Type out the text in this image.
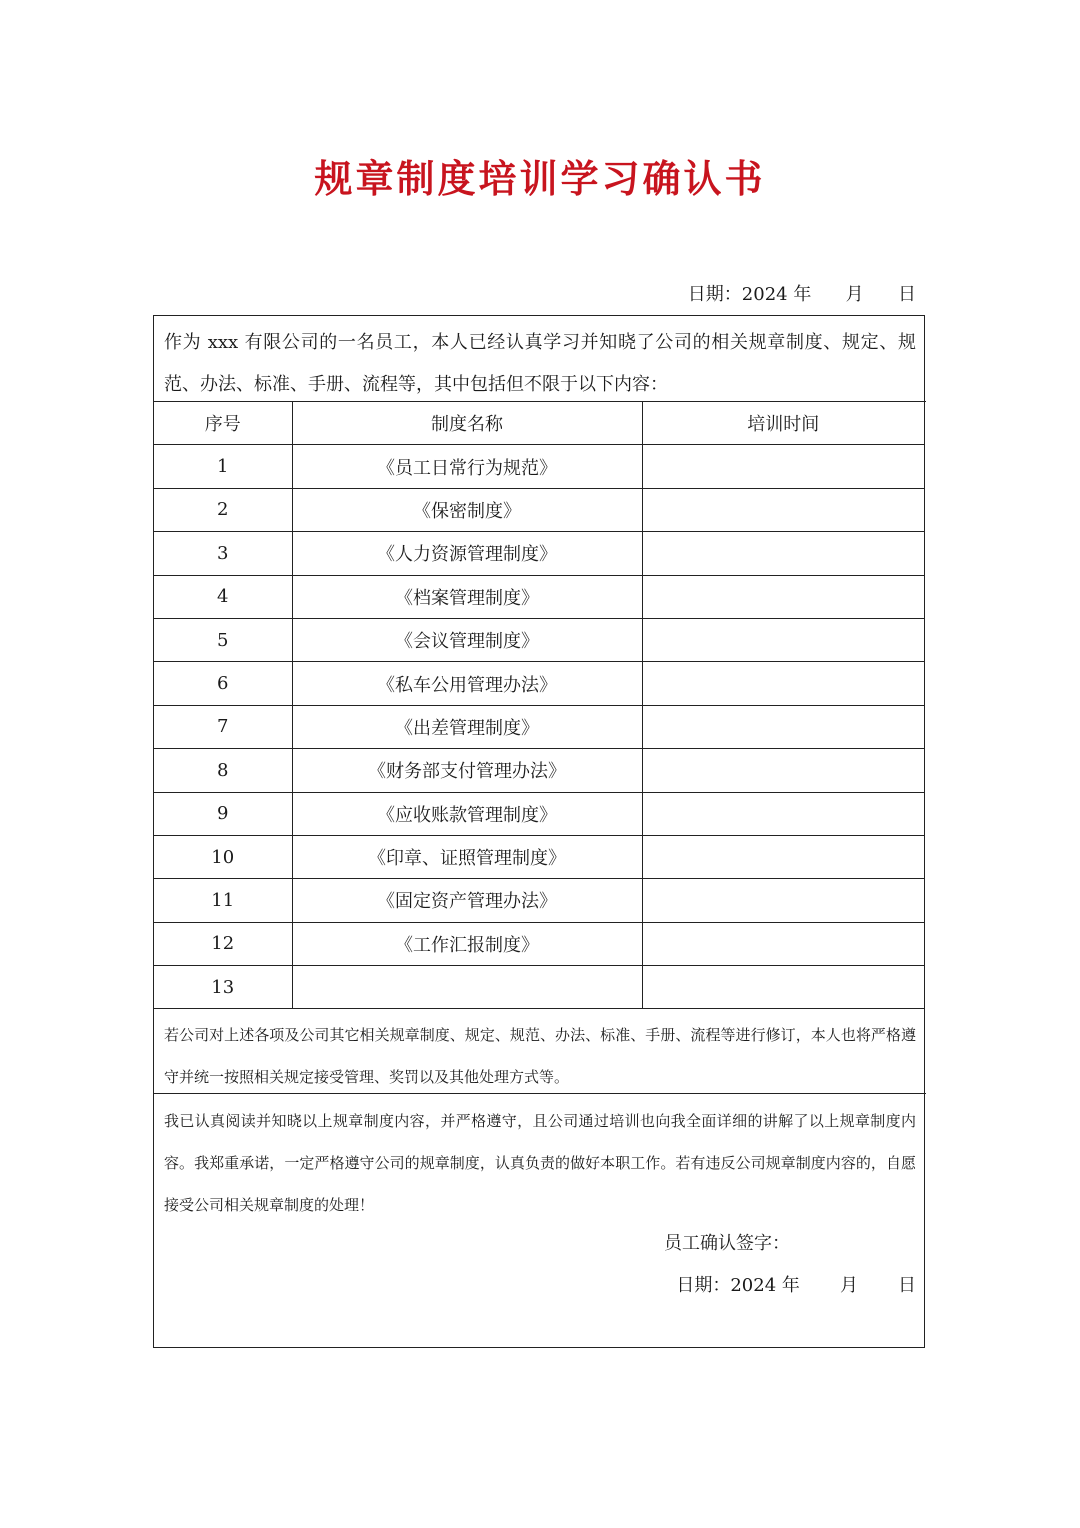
规章制度培训学习确认书
日期：2024 年      月      日
作为 xxx 有限公司的一名员工，本人已经认真学习并知晓了公司的相关规章制度、规定、规范、办法、标准、手册、流程等，其中包括但不限于以下内容：
序号	制度名称	培训时间
1	《员工日常行为规范》	
2	《保密制度》	
3	《人力资源管理制度》	
4	《档案管理制度》	
5	《会议管理制度》	
6	《私车公用管理办法》	
7	《出差管理制度》	
8	《财务部支付管理办法》	
9	《应收账款管理制度》	
10	《印章、证照管理制度》	
11	《固定资产管理办法》	
12	《工作汇报制度》	
13		
若公司对上述各项及公司其它相关规章制度、规定、规范、办法、标准、手册、流程等进行修订，本人也将严格遵守并统一按照相关规定接受管理、奖罚以及其他处理方式等。
我已认真阅读并知晓以上规章制度内容，并严格遵守，且公司通过培训也向我全面详细的讲解了以上规章制度内容。我郑重承诺，一定严格遵守公司的规章制度，认真负责的做好本职工作。若有违反公司规章制度内容的，自愿接受公司相关规章制度的处理！
员工确认签字：
日期：2024 年       月       日
